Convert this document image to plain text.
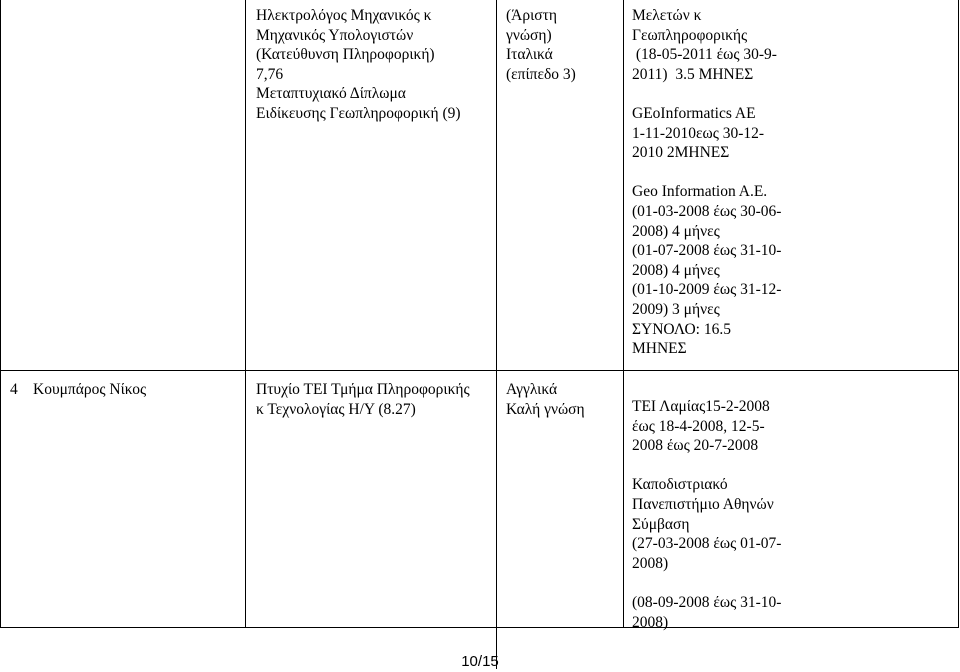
Ηλεκτρολόγος Μηχανικός κ
Μηχανικός Υπολογιστών
(Κατεύθυνση Πληροφορική)
7,76
Μεταπτυχιακό Δίπλωμα
Ειδίκευσης Γεωπληροφορική (9)
(Άριστη
γνώση)
Ιταλικά
(επίπεδο 3)
Μελετών κ
Γεωπληροφορικής
(18-05-2011 έως 30-9-
2011)  3.5 ΜΗΝΕΣ
GEoInformatics AE
1-11-2010εως 30-12-
2010 2ΜΗΝΕΣ
Geo Information A.E.
(01-03-2008 έως 30-06-
2008) 4 μήνες
(01-07-2008 έως 31-10-
2008) 4 μήνες
(01-10-2009 έως 31-12-
2009) 3 μήνες
ΣΥΝΟΛΟ: 16.5
ΜΗΝΕΣ
4 Κουμπάρος Νίκος	Πτυχίο ΤΕΙ Τμήμα Πληροφορικής
κ Τεχνολογίας Η/Υ (8.27)
Αγγλικά
Καλή γνώση	ΤΕΙ Λαμίας15-2-2008
έως 18-4-2008, 12-5-
2008 έως 20-7-2008
Καποδιστριακό
Πανεπιστήμιο Αθηνών
Σύμβαση
(27-03-2008 έως 01-07-
2008)
(08-09-2008 έως 31-10-
2008)
10/15
